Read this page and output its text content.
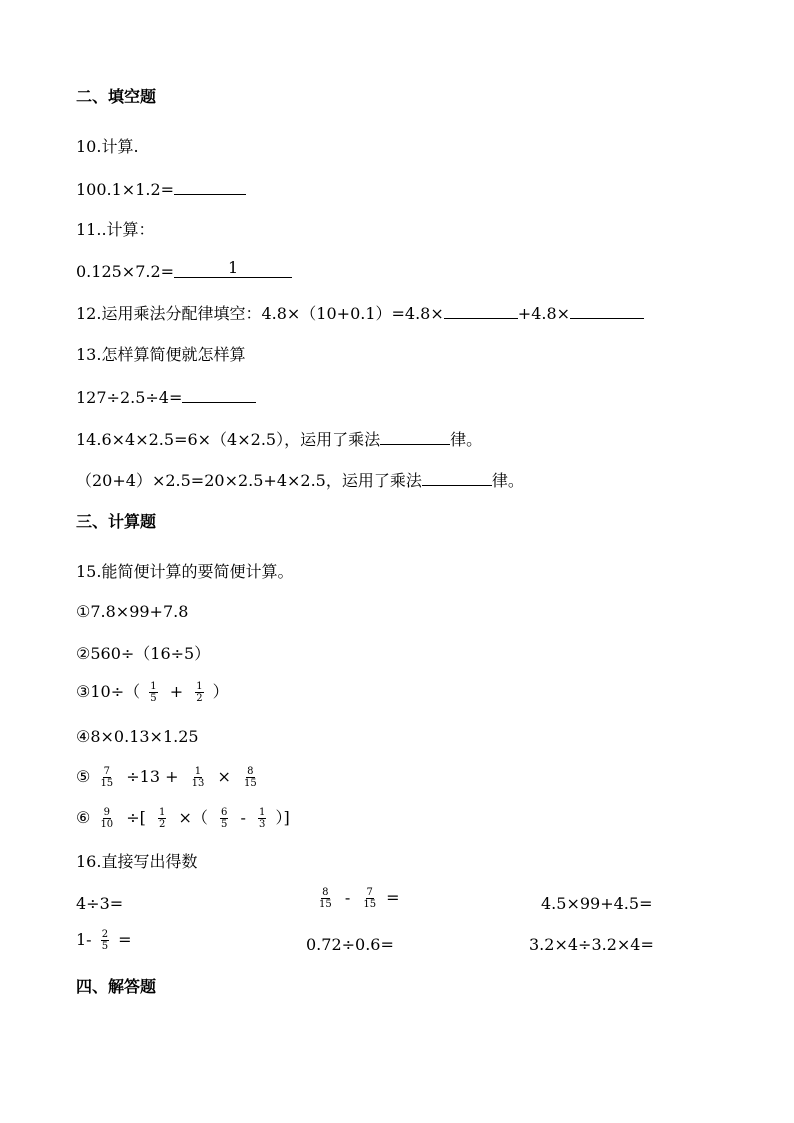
二、填空题
10.计算.
100.1×1.2=
11..计算：
0.125×7.2=	1
12.运用乘法分配律填空：4.8×（10+0.1）=4.8×	+4.8×
13.怎样算简便就怎样算
127÷2.5÷4=
14.6×4×2.5=6×（4×2.5），运用了乘法	律。
（20+4）×2.5=20×2.5+4×2.5，运用了乘法	律。
三、计算题
15.能简便计算的要简便计算。
①7.8×99+7.8
②560÷（16÷5）
③10÷（ $\frac{1}{5} + \frac{1}{2}$ ）
④8×0.13×1.25
⑤ $\frac{7}{15} \div 13 + \frac{1}{13} \times \frac{8}{15}$
⑥ $\frac{9}{10}$ ÷[ $\frac{1}{2}$ ×（ $\frac{6}{5} - \frac{1}{3}$ ）]
16.直接写出得数
4÷3=	$\frac{8}{15} - \frac{7}{15}$ =	4.5×99+4.5=
$1- \frac{2}{5}$ =	0.72÷0.6=	3.2×4÷3.2×4=
四、解答题
